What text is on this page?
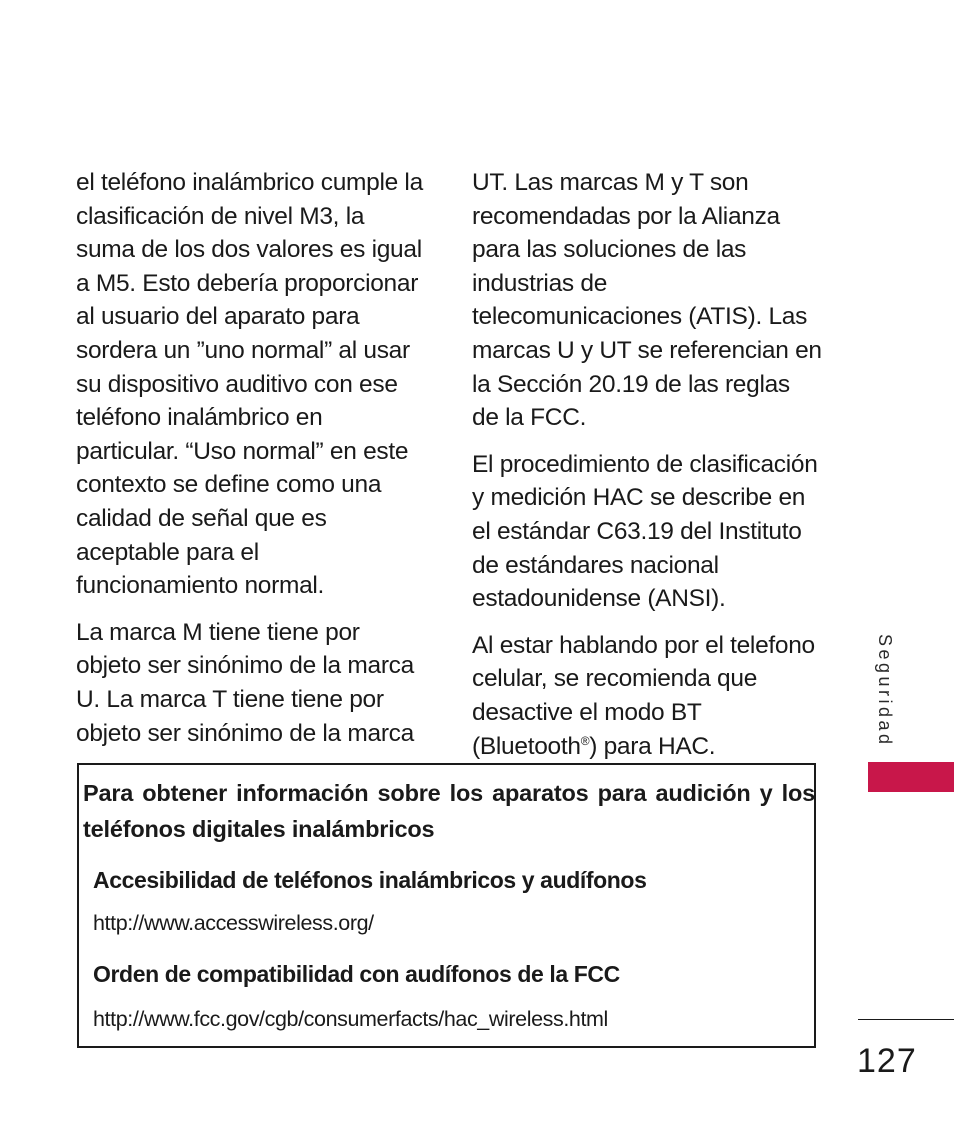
el teléfono inalámbrico cumple la clasificación de nivel M3, la suma de los dos valores es igual a M5. Esto debería proporcionar al usuario del aparato para sordera un ”uno normal” al usar su dispositivo auditivo con ese teléfono inalámbrico en particular. “Uso normal” en este contexto se define como una calidad de señal que es aceptable para el funcionamiento normal.

La marca M tiene tiene por objeto ser sinónimo de la marca U. La marca T tiene tiene por objeto ser sinónimo de la marca

UT. Las marcas M y T son recomendadas por la Alianza para las soluciones de las industrias de telecomunicaciones (ATIS). Las marcas U y UT se referencian en la Sección 20.19 de las reglas de la FCC.

El procedimiento de clasificación y medición HAC se describe en el estándar C63.19 del Instituto de estándares nacional estadounidense (ANSI).

Al estar hablando por el telefono celular, se recomienda que desactive el modo BT (Bluetooth®) para HAC.

Para obtener información sobre los aparatos para audición y los teléfonos digitales inalámbricos
Accesibilidad de teléfonos inalámbricos y audífonos
http://www.accesswireless.org/
Orden de compatibilidad con audífonos de la FCC
http://www.fcc.gov/cgb/consumerfacts/hac_wireless.html
Seguridad
127
